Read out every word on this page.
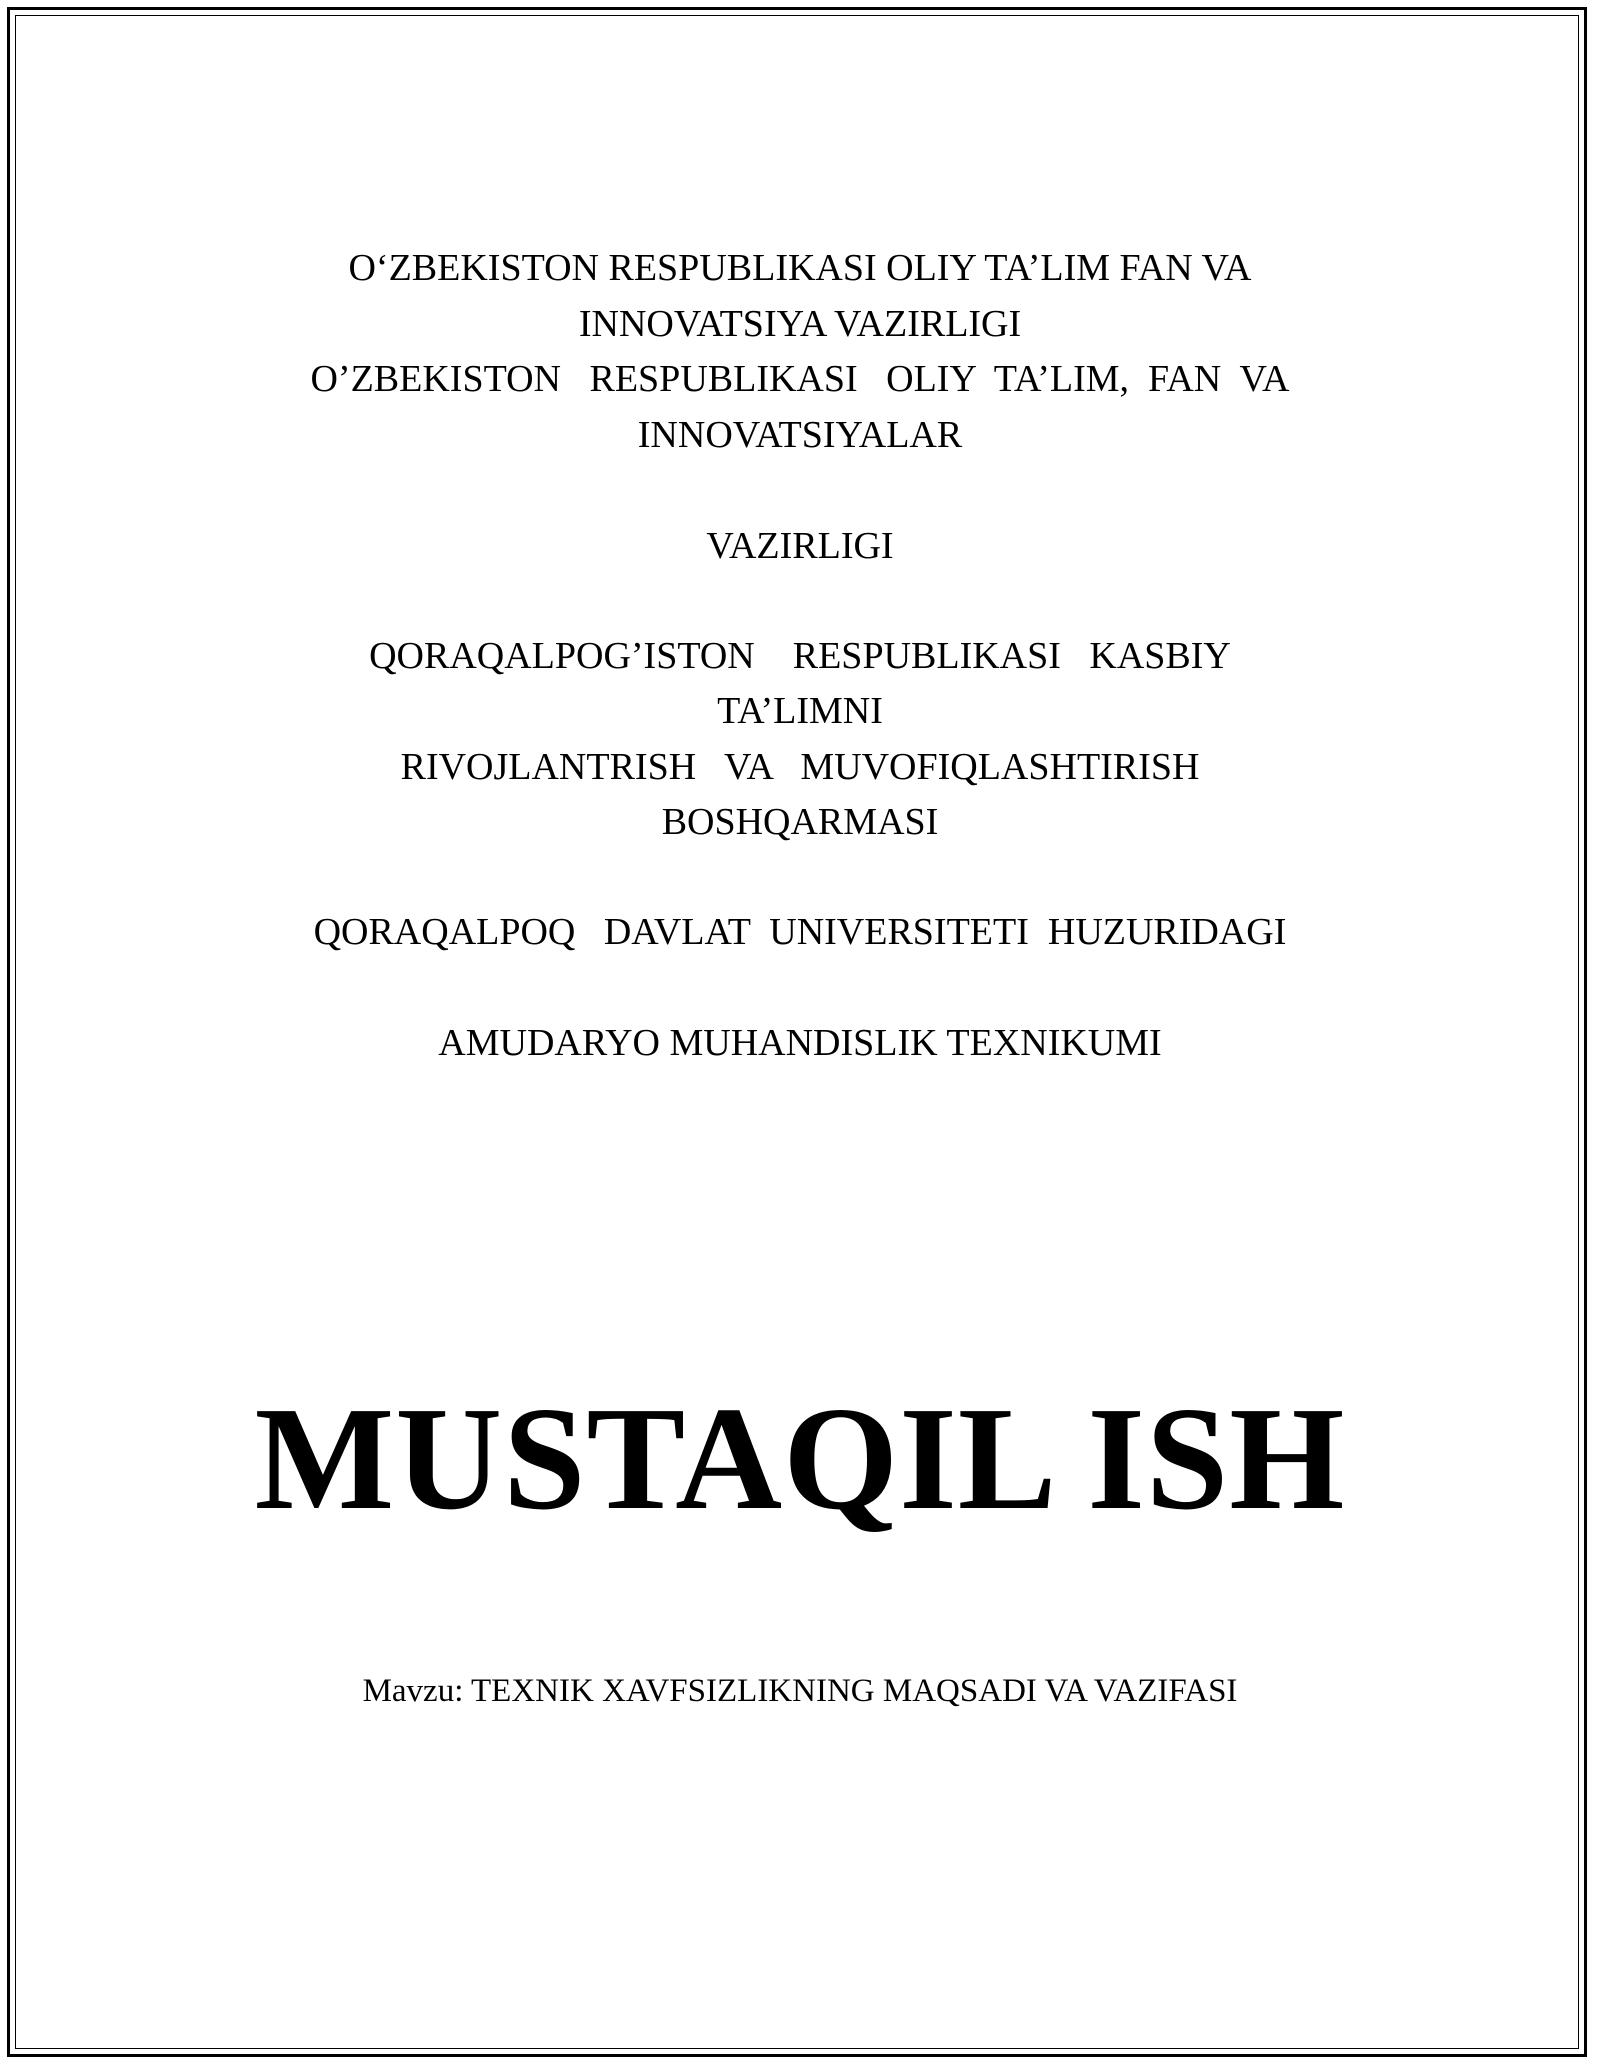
O‘ZBEKISTON RESPUBLIKASI OLIY TA’LIM FAN VA

INNOVATSIYA VAZIRLIGI

O’ZBEKISTON   RESPUBLIKASI   OLIY  TA’LIM,  FAN  VA

INNOVATSIYALAR

VAZIRLIGI

QORAQALPOG’ISTON    RESPUBLIKASI   KASBIY

TA’LIMNI

RIVOJLANTRISH   VA   MUVOFIQLASHTIRISH

BOSHQARMASI

QORAQALPOQ   DAVLAT  UNIVERSITETI  HUZURIDAGI

AMUDARYO MUHANDISLIK TEXNIKUMI

MUSTAQIL ISH

Mavzu: TEXNIK XAVFSIZLIKNING MAQSADI VA VAZIFASI
